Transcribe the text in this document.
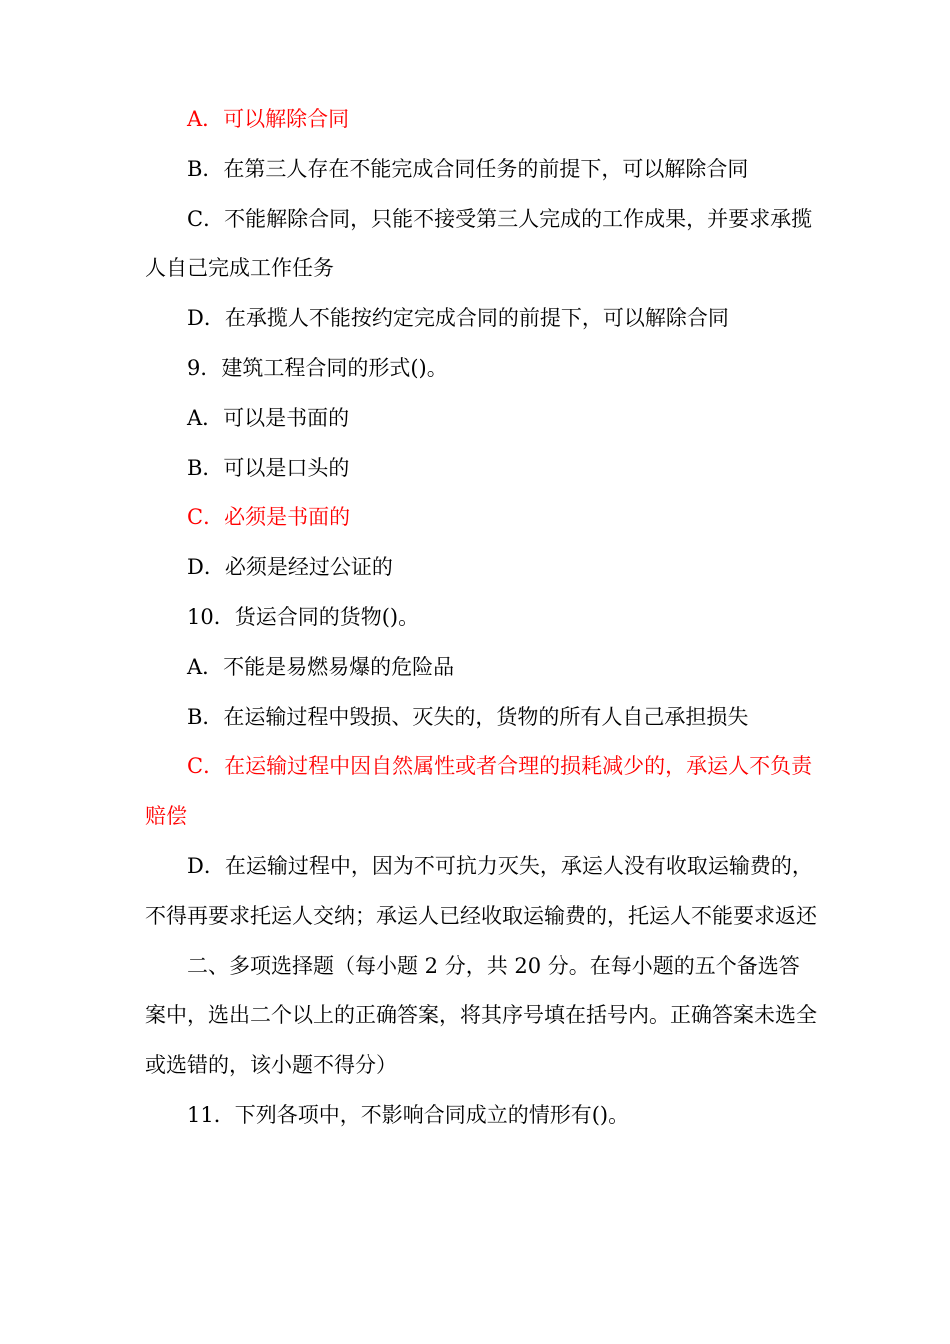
A．可以解除合同

B．在第三人存在不能完成合同任务的前提下，可以解除合同

C．不能解除合同，只能不接受第三人完成的工作成果，并要求承揽人自己完成工作任务

D．在承揽人不能按约定完成合同的前提下，可以解除合同

9．建筑工程合同的形式()。

A．可以是书面的

B．可以是口头的

C．必须是书面的

D．必须是经过公证的

10．货运合同的货物()。

A．不能是易燃易爆的危险品

B．在运输过程中毁损、灭失的，货物的所有人自己承担损失

C．在运输过程中因自然属性或者合理的损耗减少的，承运人不负责赔偿

D．在运输过程中，因为不可抗力灭失，承运人没有收取运输费的，不得再要求托运人交纳；承运人已经收取运输费的，托运人不能要求返还

二、多项选择题（每小题 2 分，共 20 分。在每小题的五个备选答案中，选出二个以上的正确答案，将其序号填在括号内。正确答案未选全或选错的，该小题不得分）

11．下列各项中，不影响合同成立的情形有()。
